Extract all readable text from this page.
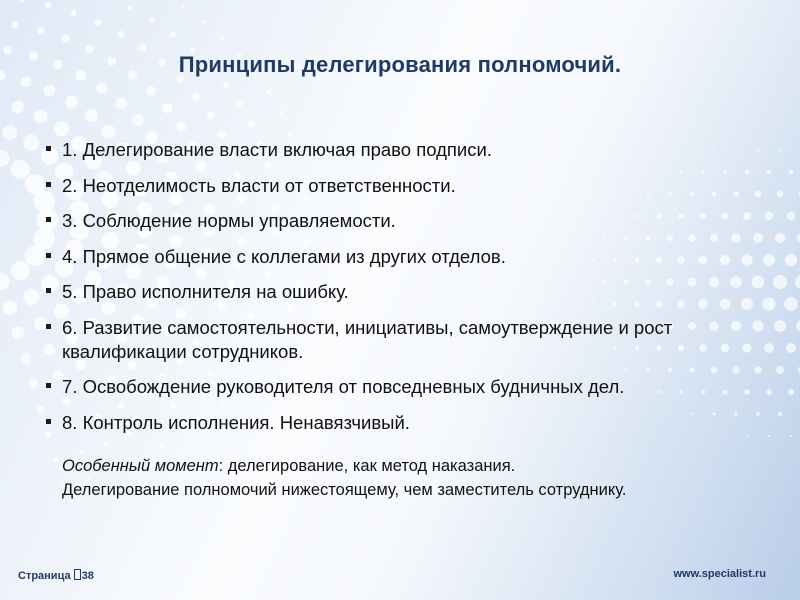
Принципы делегирования полномочий.
1. Делегирование власти включая право подписи.
2. Неотделимость власти от ответственности.
3. Соблюдение нормы управляемости.
4. Прямое общение с коллегами из других отделов.
5. Право исполнителя на ошибку.
6. Развитие самостоятельности, инициативы, самоутверждение и рост квалификации сотрудников.
7. Освобождение руководителя от повседневных будничных дел.
8. Контроль исполнения. Ненавязчивый.
Особенный момент: делегирование, как метод наказания.
Делегирование полномочий нижестоящему, чем заместитель сотруднику.
Страница 38	www.specialist.ru
